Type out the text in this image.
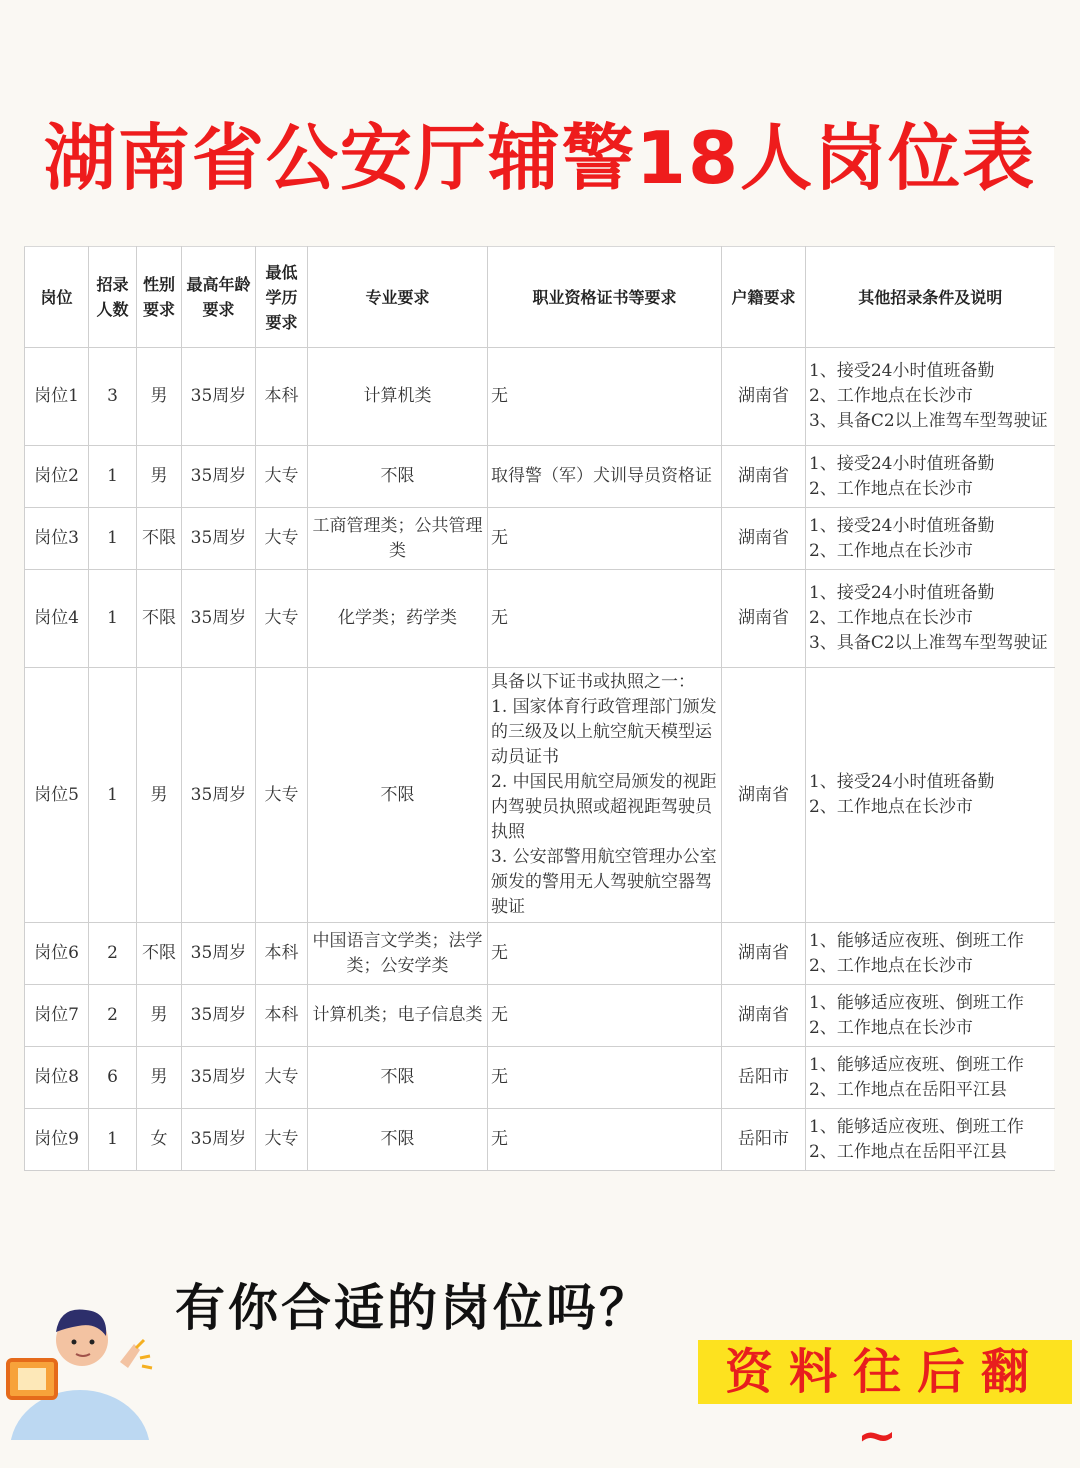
湖南省公安厅辅警18人岗位表
岗位	招录人数	性别要求	最高年龄要求	最低学历要求	专业要求	职业资格证书等要求	户籍要求	其他招录条件及说明
岗位1	3	男	35周岁	本科	计算机类	无	湖南省	1、接受24小时值班备勤
2、工作地点在长沙市
3、具备C2以上准驾车型驾驶证
岗位2	1	男	35周岁	大专	不限	取得警（军）犬训导员资格证	湖南省	1、接受24小时值班备勤
2、工作地点在长沙市
岗位3	1	不限	35周岁	大专	工商管理类；公共管理类	无	湖南省	1、接受24小时值班备勤
2、工作地点在长沙市
岗位4	1	不限	35周岁	大专	化学类；药学类	无	湖南省	1、接受24小时值班备勤
2、工作地点在长沙市
3、具备C2以上准驾车型驾驶证
岗位5	1	男	35周岁	大专	不限	具备以下证书或执照之一：
1. 国家体育行政管理部门颁发的三级及以上航空航天模型运动员证书
2. 中国民用航空局颁发的视距内驾驶员执照或超视距驾驶员执照
3. 公安部警用航空管理办公室颁发的警用无人驾驶航空器驾驶证	湖南省	1、接受24小时值班备勤
2、工作地点在长沙市
岗位6	2	不限	35周岁	本科	中国语言文学类；法学类；公安学类	无	湖南省	1、能够适应夜班、倒班工作
2、工作地点在长沙市
岗位7	2	男	35周岁	本科	计算机类；电子信息类	无	湖南省	1、能够适应夜班、倒班工作
2、工作地点在长沙市
岗位8	6	男	35周岁	大专	不限	无	岳阳市	1、能够适应夜班、倒班工作
2、工作地点在岳阳平江县
岗位9	1	女	35周岁	大专	不限	无	岳阳市	1、能够适应夜班、倒班工作
2、工作地点在岳阳平江县
有你合适的岗位吗？
资料往后翻~
